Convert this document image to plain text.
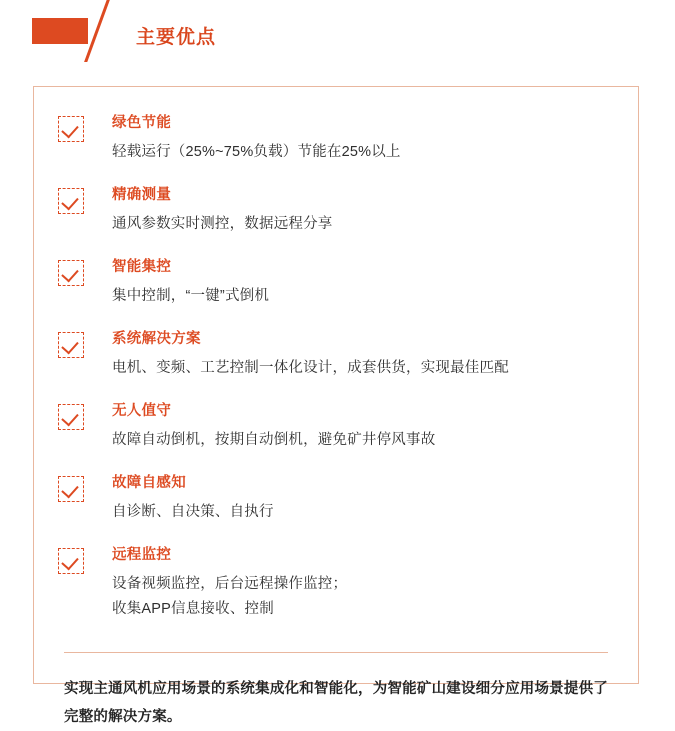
主要优点
绿色节能
轻载运行（25%~75%负载）节能在25%以上
精确测量
通风参数实时测控，数据远程分享
智能集控
集中控制，“一键”式倒机
系统解决方案
电机、变频、工艺控制一体化设计，成套供货，实现最佳匹配
无人值守
故障自动倒机，按期自动倒机，避免矿井停风事故
故障自感知
自诊断、自决策、自执行
远程监控
设备视频监控，后台远程操作监控；
收集APP信息接收、控制
实现主通风机应用场景的系统集成化和智能化，为智能矿山建设细分应用场景提供了完整的解决方案。
